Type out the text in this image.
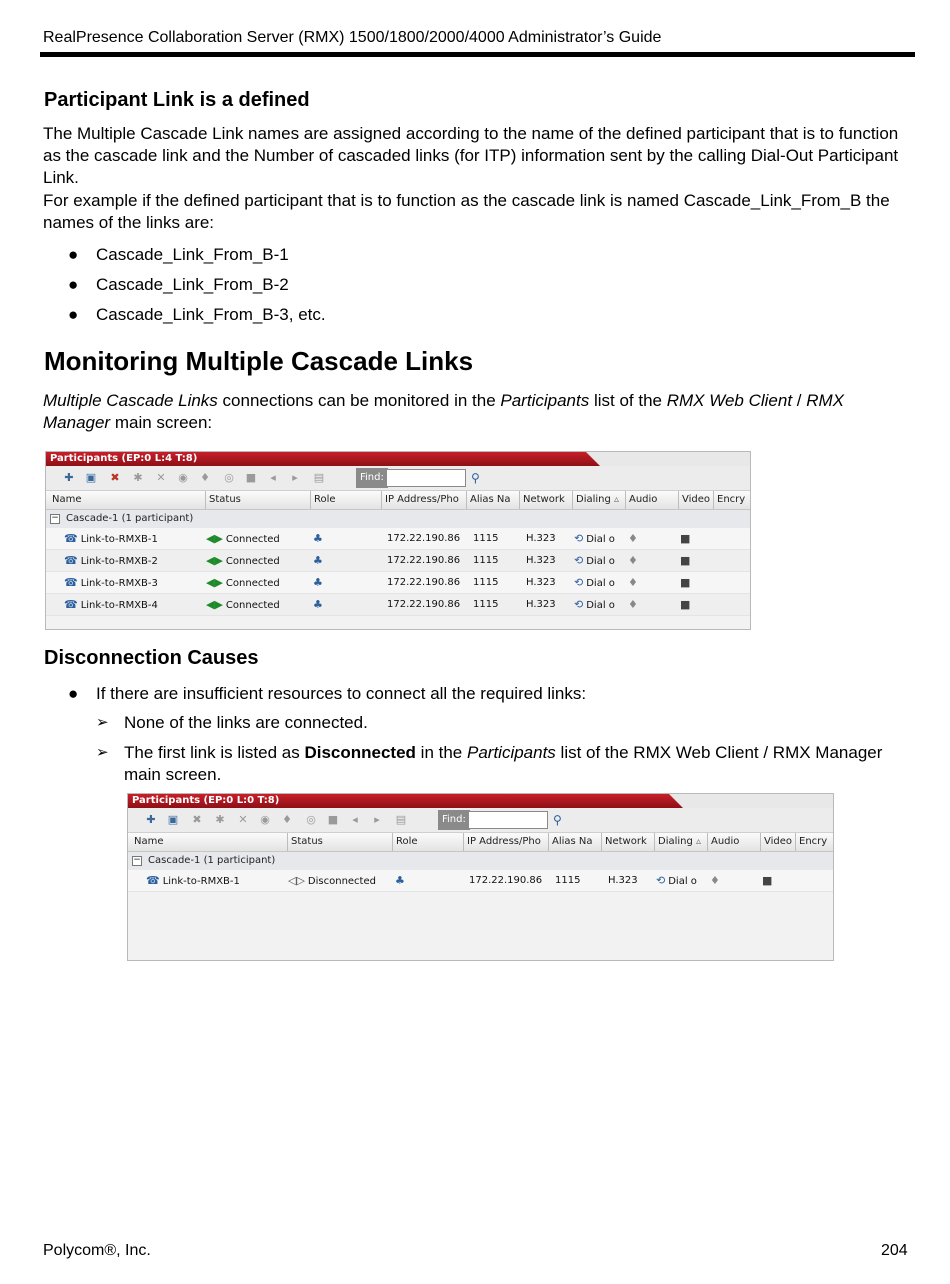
RealPresence Collaboration Server (RMX) 1500/1800/2000/4000 Administrator’s Guide
Participant Link is a defined
The Multiple Cascade Link names are assigned according to the name of the defined participant that is to function as the cascade link and the Number of cascaded links (for ITP) information sent by the calling Dial-Out Participant Link.
For example if the defined participant that is to function as the cascade link is named Cascade_Link_From_B the names of the links are:
● Cascade_Link_From_B-1
● Cascade_Link_From_B-2
● Cascade_Link_From_B-3, etc.
Monitoring Multiple Cascade Links
Multiple Cascade Links connections can be monitored in the Participants list of the RMX Web Client / RMX Manager main screen:
Participants (EP:0 L:4 T:8)
✚ ▣ ✖ ✱ ✕ ◉ ♦ ◎ ■	◂	▸	▤	Find:	⚲
Name	Status	Role	IP Address/Pho	Alias Na	Network	Dialing ▵ Audio	Video Encry
− Cascade-1 (1 participant)
☎ Link-to-RMXB-1	◀▶ Connected	♣	172.22.190.86 1115	H.323 ⟲ Dial o ♦	■
☎ Link-to-RMXB-2	◀▶ Connected	♣	172.22.190.86 1115	H.323 ⟲ Dial o ♦	■
☎ Link-to-RMXB-3	◀▶ Connected	♣	172.22.190.86 1115	H.323 ⟲ Dial o ♦	■
☎ Link-to-RMXB-4	◀▶ Connected	♣	172.22.190.86 1115	H.323 ⟲ Dial o ♦	■
Disconnection Causes
● If there are insufficient resources to connect all the required links:
➢ None of the links are connected.
➢ The first link is listed as Disconnected in the Participants list of the RMX Web Client / RMX Manager main screen.
Participants (EP:0 L:0 T:8)
✚ ▣ ✖ ✱ ✕ ◉ ♦ ◎ ■	◂	▸	▤	Find:	⚲
Name	Status	Role	IP Address/Pho	Alias Na	Network	Dialing ▵ Audio	Video Encry
− Cascade-1 (1 participant)
☎ Link-to-RMXB-1	◁▷ Disconnected ♣	172.22.190.86 1115	H.323 ⟲ Dial o ♦	■
Polycom®, Inc.	204
